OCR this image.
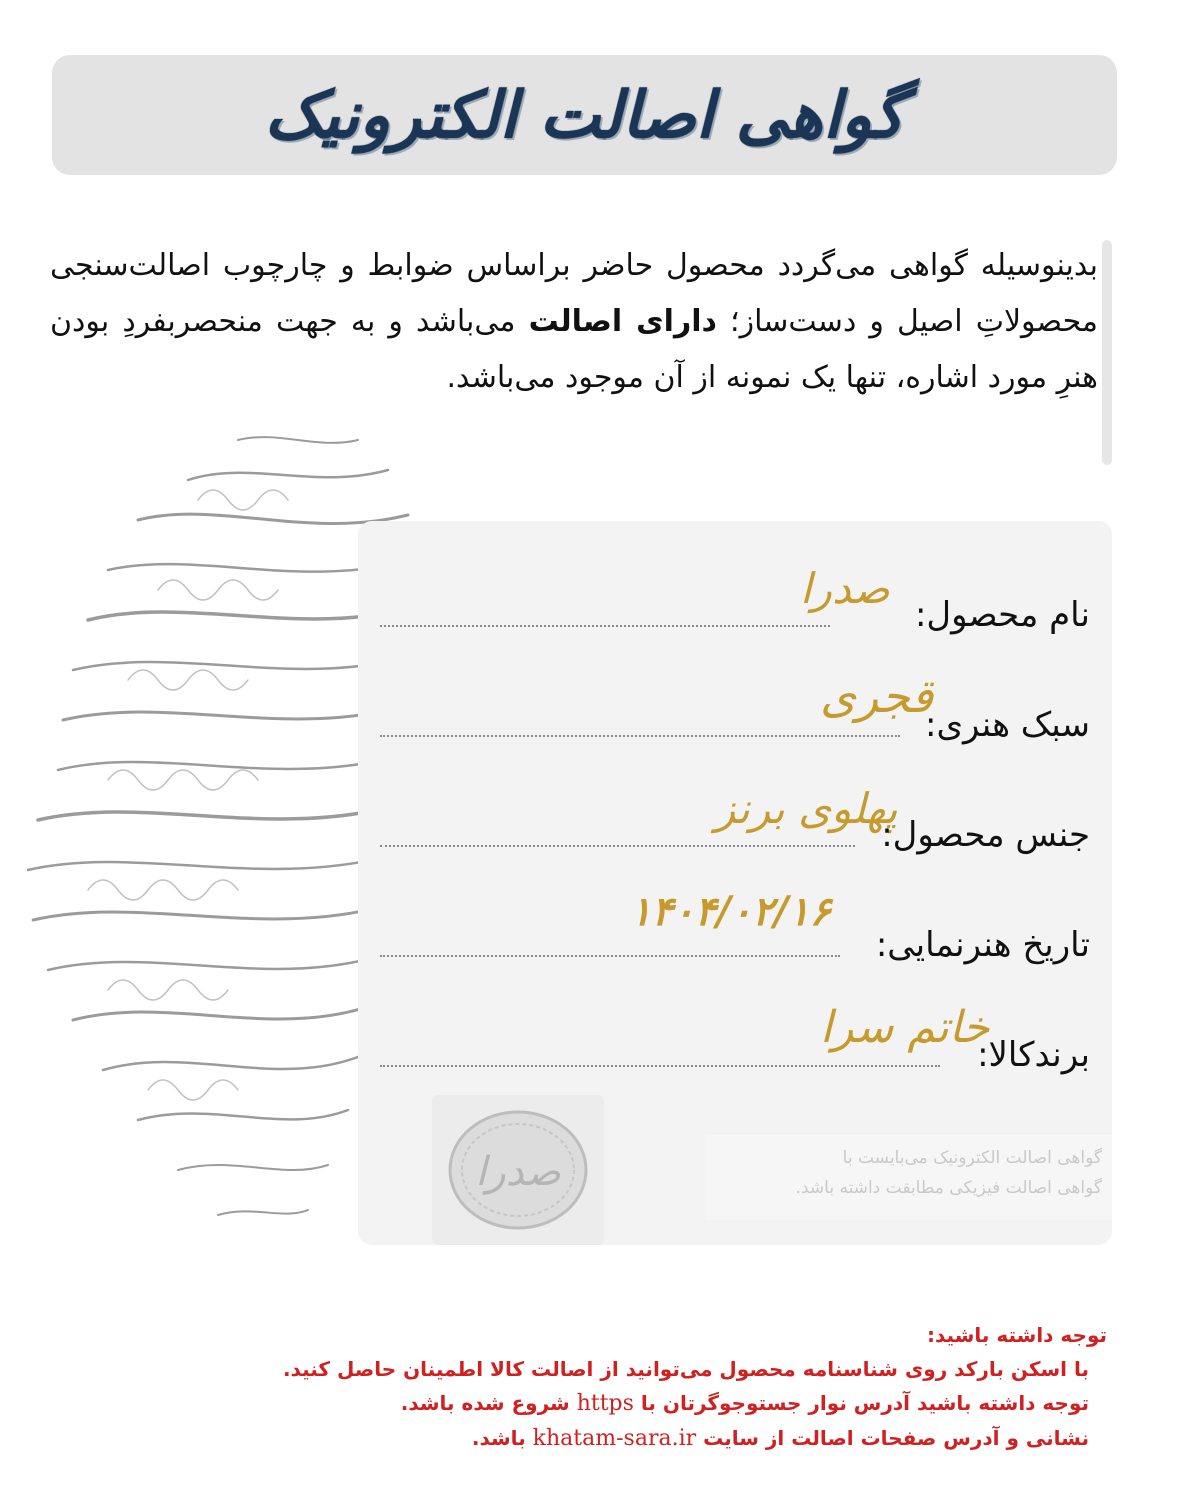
گواهی اصالت الکترونیک
بدینوسیله گواهی می‌گردد محصول حاضر براساس ضوابط و چارچوب اصالت‌سنجی محصولاتِ اصیل و دست‌ساز؛ دارای اصالت می‌باشد و به جهت منحصربفردِ بودن هنرِ مورد اشاره، تنها یک نمونه از آن موجود می‌باشد.
صدرا
نام محصول:
قجری
سبک هنری:
پهلوی برنز
جنس محصول:
۱۴۰۴/۰۲/۱۶
تاریخ هنرنمایی:
خاتم سرا
برندکالا:
صدرا	گواهی اصالت الکترونیک می‌بایست با
گواهی اصالت فیزیکی مطابقت داشته باشد.
توجه داشته باشید:
با اسکن بارکد روی شناسنامه محصول می‌توانید از اصالت کالا اطمینان حاصل کنید.
توجه داشته باشید آدرس نوار جستوجوگرتان با https شروع شده باشد.
نشانی و آدرس صفحات اصالت از سایت khatam-sara.ir باشد.
